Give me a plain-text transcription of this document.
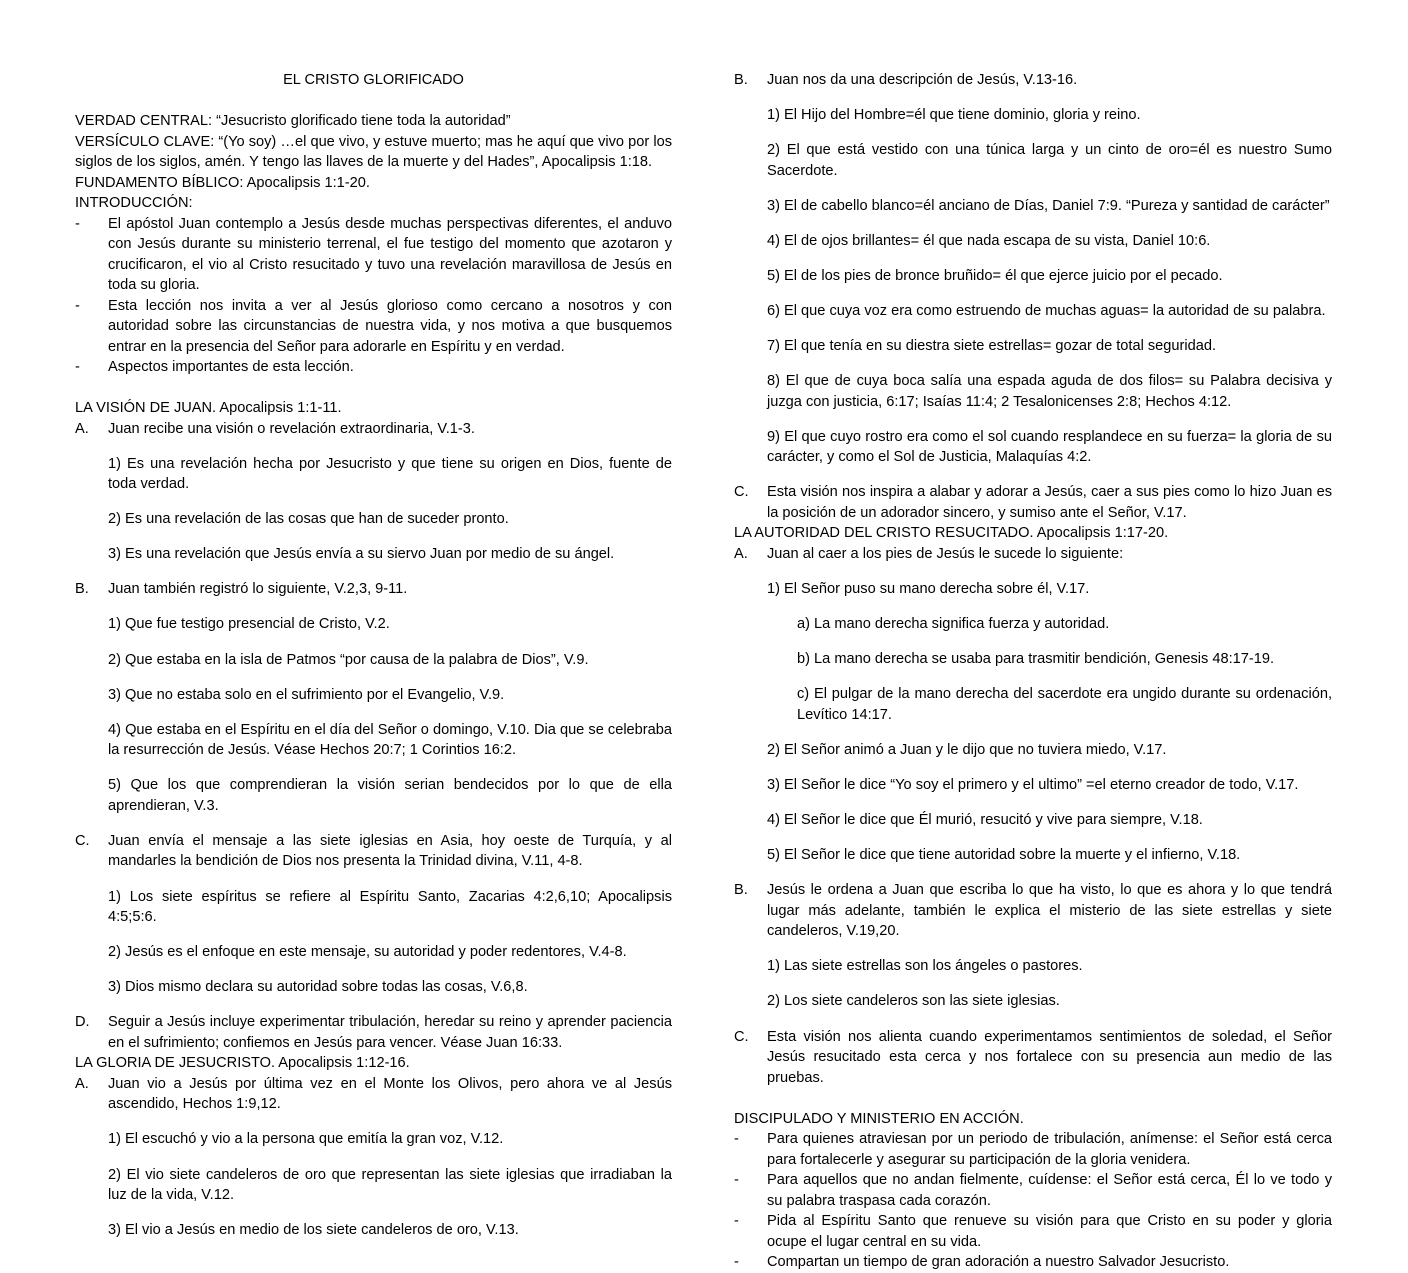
EL CRISTO GLORIFICADO

VERDAD CENTRAL: “Jesucristo glorificado tiene toda la autoridad”

VERSÍCULO CLAVE: “(Yo soy) …el que vivo, y estuve muerto; mas he aquí que vivo por los siglos de los siglos, amén. Y tengo las llaves de la muerte y del Hades”, Apocalipsis 1:18.

FUNDAMENTO BÍBLICO: Apocalipsis 1:1-20.

INTRODUCCIÓN:

-	El apóstol Juan contemplo a Jesús desde muchas perspectivas diferentes, el anduvo con Jesús durante su ministerio terrenal, el fue testigo del momento que azotaron y crucificaron, el vio al Cristo resucitado y tuvo una revelación maravillosa de Jesús en toda su gloria.
-	Esta lección nos invita a ver al Jesús glorioso como cercano a nosotros y con autoridad sobre las circunstancias de nuestra vida, y nos motiva a que busquemos entrar en la presencia del Señor para adorarle en Espíritu y en verdad.
-	Aspectos importantes de esta lección.

LA VISIÓN DE JUAN. Apocalipsis 1:1-11.

A.	Juan recibe una visión o revelación extraordinaria, V.1-3.

1) Es una revelación hecha por Jesucristo y que tiene su origen en Dios, fuente de toda verdad.

2) Es una revelación de las cosas que han de suceder pronto.

3) Es una revelación que Jesús envía a su siervo Juan por medio de su ángel.

B.	Juan también registró lo siguiente, V.2,3, 9-11.

1) Que fue testigo presencial de Cristo, V.2.

2) Que estaba en la isla de Patmos “por causa de la palabra de Dios”, V.9.

3) Que no estaba solo en el sufrimiento por el Evangelio, V.9.

4) Que estaba en el Espíritu en el día del Señor o domingo, V.10. Dia que se celebraba la resurrección de Jesús. Véase Hechos 20:7; 1 Corintios 16:2.

5) Que los que comprendieran la visión serian bendecidos por lo que de ella aprendieran, V.3.

C.	Juan envía el mensaje a las siete iglesias en Asia, hoy oeste de Turquía, y al mandarles la bendición de Dios nos presenta la Trinidad divina, V.11, 4-8.

1) Los siete espíritus se refiere al Espíritu Santo, Zacarias 4:2,6,10; Apocalipsis 4:5;5:6.

2) Jesús es el enfoque en este mensaje, su autoridad y poder redentores, V.4-8.

3) Dios mismo declara su autoridad sobre todas las cosas, V.6,8.

D.	Seguir a Jesús incluye experimentar tribulación, heredar su reino y aprender paciencia en el sufrimiento; confiemos en Jesús para vencer. Véase Juan 16:33.

LA GLORIA DE JESUCRISTO. Apocalipsis 1:12-16.

A.	Juan vio a Jesús por última vez en el Monte los Olivos, pero ahora ve al Jesús ascendido, Hechos 1:9,12.

1) El escuchó y vio a la persona que emitía la gran voz, V.12.

2) El vio siete candeleros de oro que representan las siete iglesias que irradiaban la luz de la vida, V.12.

3) El vio a Jesús en medio de los siete candeleros de oro, V.13.

B.	Juan nos da una descripción de Jesús, V.13-16.

1) El Hijo del Hombre=él que tiene dominio, gloria y reino.

2) El que está vestido con una túnica larga y un cinto de oro=él es nuestro Sumo Sacerdote.

3) El de cabello blanco=él anciano de Días, Daniel 7:9. “Pureza y santidad de carácter”

4) El de ojos brillantes= él que nada escapa de su vista, Daniel 10:6.

5) El de los pies de bronce bruñido= él que ejerce juicio por el pecado.

6) El que cuya voz era como estruendo de muchas aguas= la autoridad de su palabra.

7) El que tenía en su diestra siete estrellas= gozar de total seguridad.

8) El que de cuya boca salía una espada aguda de dos filos= su Palabra decisiva y juzga con justicia, 6:17; Isaías 11:4; 2 Tesalonicenses 2:8; Hechos 4:12.

9) El que cuyo rostro era como el sol cuando resplandece en su fuerza= la gloria de su carácter, y como el Sol de Justicia, Malaquías 4:2.

C.	Esta visión nos inspira a alabar y adorar a Jesús, caer a sus pies como lo hizo Juan es la posición de un adorador sincero, y sumiso ante el Señor, V.17.

LA AUTORIDAD DEL CRISTO RESUCITADO. Apocalipsis 1:17-20.

A.	Juan al caer a los pies de Jesús le sucede lo siguiente:

1) El Señor puso su mano derecha sobre él, V.17.

a) La mano derecha significa fuerza y autoridad.

b) La mano derecha se usaba para trasmitir bendición, Genesis 48:17-19.

c) El pulgar de la mano derecha del sacerdote era ungido durante su ordenación, Levítico 14:17.

2) El Señor animó a Juan y le dijo que no tuviera miedo, V.17.

3) El Señor le dice “Yo soy el primero y el ultimo” =el eterno creador de todo, V.17.

4) El Señor le dice que Él murió, resucitó y vive para siempre, V.18.

5) El Señor le dice que tiene autoridad sobre la muerte y el infierno, V.18.

B.	Jesús le ordena a Juan que escriba lo que ha visto, lo que es ahora y lo que tendrá lugar más adelante, también le explica el misterio de las siete estrellas y siete candeleros, V.19,20.

1) Las siete estrellas son los ángeles o pastores.

2) Los siete candeleros son las siete iglesias.

C.	Esta visión nos alienta cuando experimentamos sentimientos de soledad, el Señor Jesús resucitado esta cerca y nos fortalece con su presencia aun medio de las pruebas.

DISCIPULADO Y MINISTERIO EN ACCIÓN.

-	Para quienes atraviesan por un periodo de tribulación, anímense: el Señor está cerca para fortalecerle y asegurar su participación de la gloria venidera.
-	Para aquellos que no andan fielmente, cuídense: el Señor está cerca, Él lo ve todo y su palabra traspasa cada corazón.
-	Pida al Espíritu Santo que renueve su visión para que Cristo en su poder y gloria ocupe el lugar central en su vida.
-	Compartan un tiempo de gran adoración a nuestro Salvador Jesucristo.
